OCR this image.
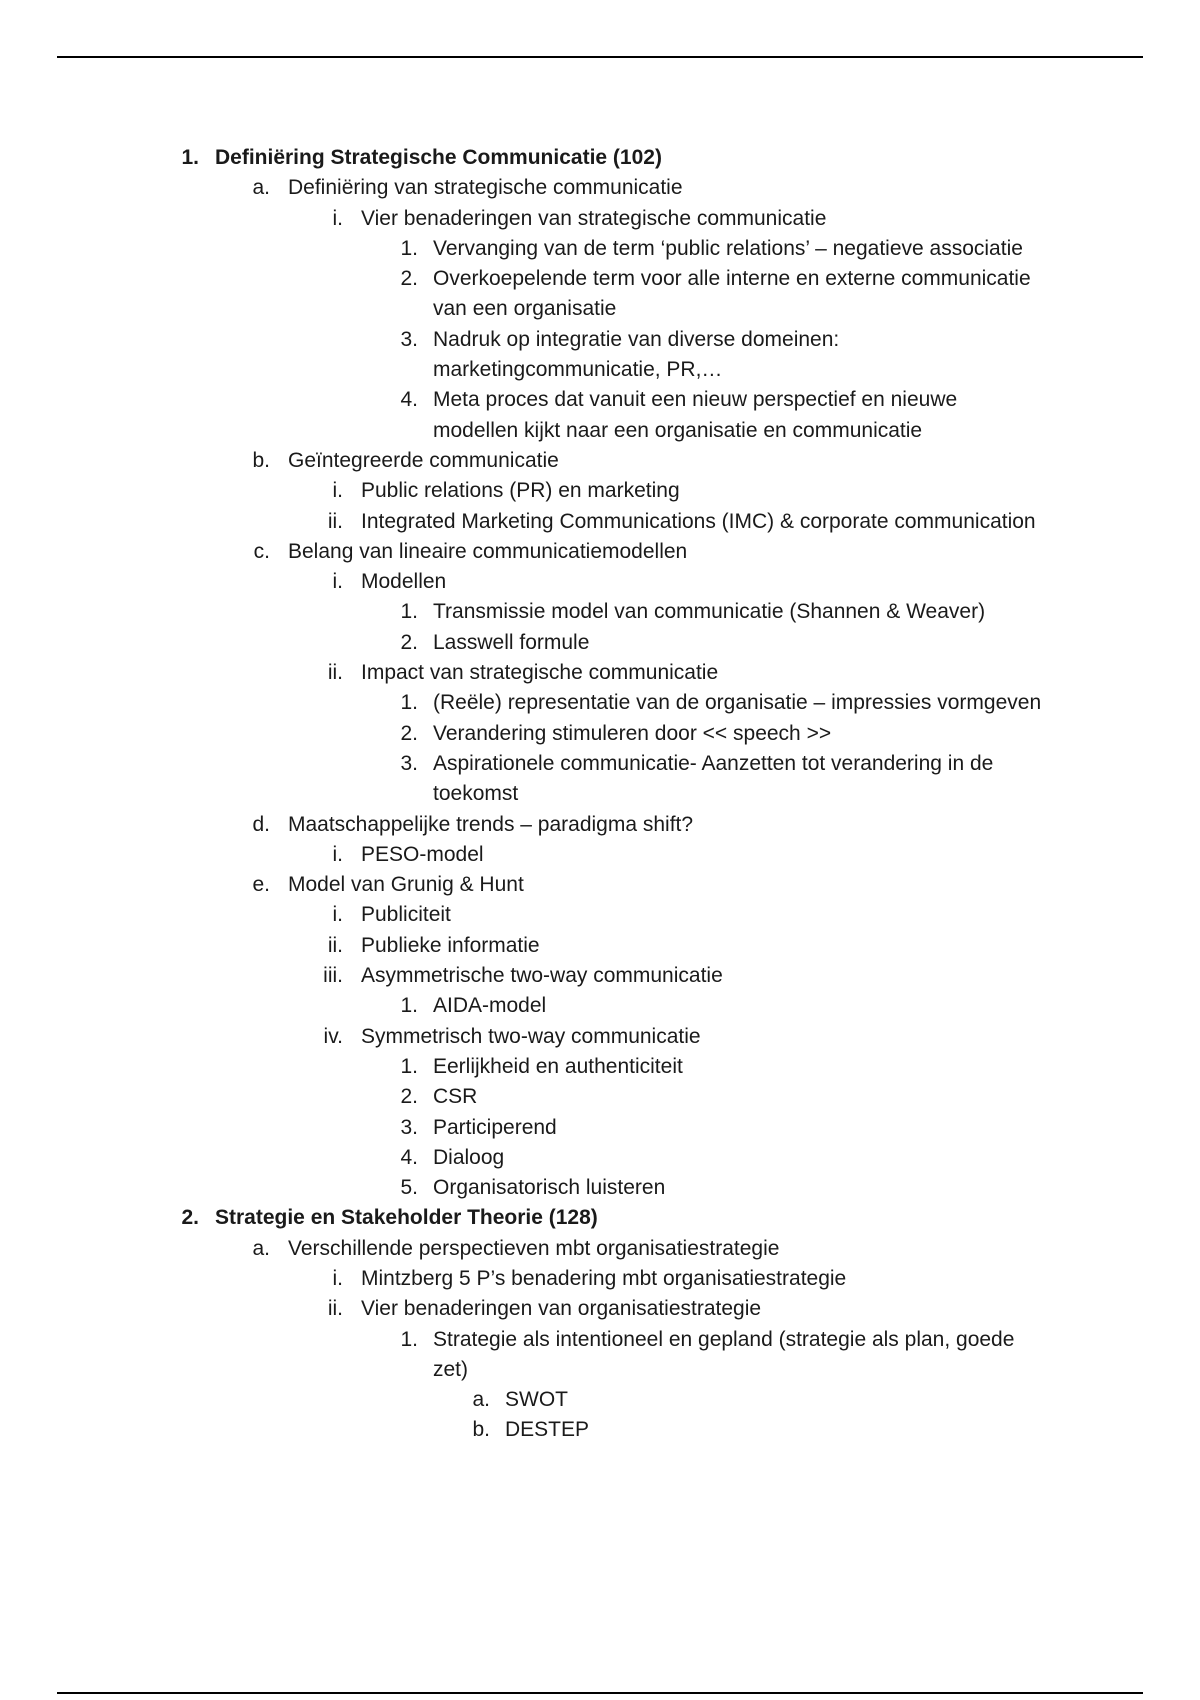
1. Definiëring Strategische Communicatie (102)
a. Definiëring van strategische communicatie
i. Vier benaderingen van strategische communicatie
1. Vervanging van de term ‘public relations’ – negatieve associatie
2. Overkoepelende term voor alle interne en externe communicatie van een organisatie
3. Nadruk op integratie van diverse domeinen: marketingcommunicatie, PR,…
4. Meta proces dat vanuit een nieuw perspectief en nieuwe modellen kijkt naar een organisatie en communicatie
b. Geïntegreerde communicatie
i. Public relations (PR) en marketing
ii. Integrated Marketing Communications (IMC) & corporate communication
c. Belang van lineaire communicatiemodellen
i. Modellen
1. Transmissie model van communicatie (Shannen & Weaver)
2. Lasswell formule
ii. Impact van strategische communicatie
1. (Reële) representatie van de organisatie – impressies vormgeven
2. Verandering stimuleren door << speech >>
3. Aspirationele communicatie- Aanzetten tot verandering in de toekomst
d. Maatschappelijke trends – paradigma shift?
i. PESO-model
e. Model van Grunig & Hunt
i. Publiciteit
ii. Publieke informatie
iii. Asymmetrische two-way communicatie
1. AIDA-model
iv. Symmetrisch two-way communicatie
1. Eerlijkheid en authenticiteit
2. CSR
3. Participerend
4. Dialoog
5. Organisatorisch luisteren
2. Strategie en Stakeholder Theorie (128)
a. Verschillende perspectieven mbt organisatiestrategie
i. Mintzberg 5 P’s benadering mbt organisatiestrategie
ii. Vier benaderingen van organisatiestrategie
1. Strategie als intentioneel en gepland (strategie als plan, goede zet)
a. SWOT
b. DESTEP
